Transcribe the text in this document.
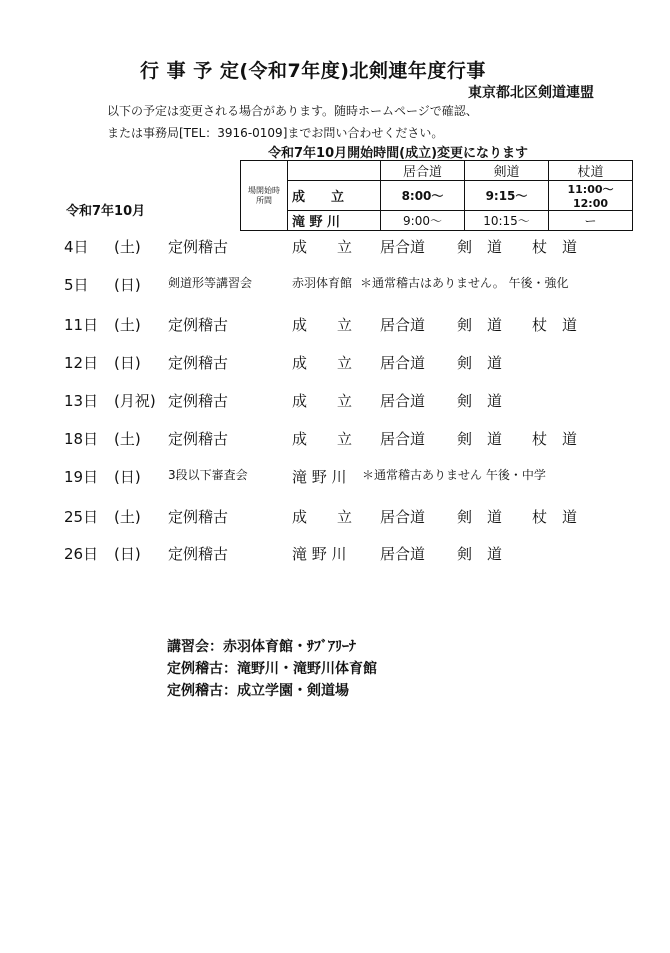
行 事 予 定(令和7年度)北剣連年度行事
東京都北区剣道連盟
以下の予定は変更される場合があります。随時ホームページで確認、
または事務局[TEL：3916-0109]までお問い合わせください。
令和7年10月開始時間(成立)変更になります
令和7年10月
場開始時所間		居合道	剣道	杖道
	成　　立	8:00～	9:15～	11:00～12:00
	滝 野 川	9:00～	10:15～	ー
4日 (土) 定例稽古	成　　立 居合道 剣　道 杖　道
5日 (日) 剣道形等講習会	赤羽体育館 ＊通常稽古はありません。 午後・強化
11日 (土) 定例稽古	成　　立 居合道 剣　道 杖　道
12日 (日) 定例稽古	成　　立 居合道 剣　道
13日 (月祝) 定例稽古	成　　立 居合道 剣　道
18日 (土) 定例稽古	成　　立 居合道 剣　道 杖　道
19日 (日) 3段以下審査会	滝 野 川 ＊通常稽古ありません 午後・中学
25日 (土) 定例稽古	成　　立 居合道 剣　道 杖　道
26日 (日) 定例稽古	滝 野 川 居合道 剣　道
講習会：赤羽体育館・ｻﾌﾞｱﾘｰﾅ
定例稽古：滝野川・滝野川体育館
定例稽古：成立学園・剣道場
